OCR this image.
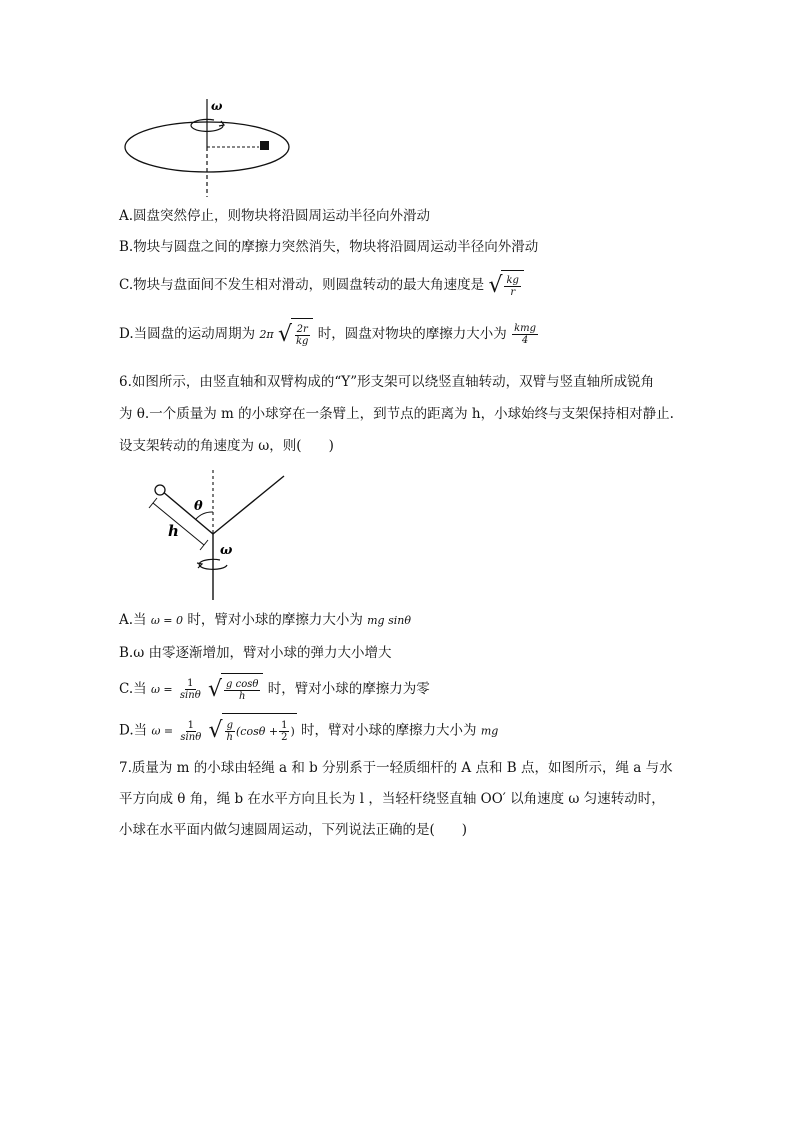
ω
A.圆盘突然停止，则物块将沿圆周运动半径向外滑动
B.物块与圆盘之间的摩擦力突然消失，物块将沿圆周运动半径向外滑动
C.物块与盘面间不发生相对滑动，则圆盘转动的最大角速度是 √ $\frac{kg}{r}$
D.当圆盘的运动周期为 2π √ $\frac{2r}{kg}$ 时，圆盘对物块的摩擦力大小为 $\frac{\text{kmg}}{4}$
6.如图所示，由竖直轴和双臂构成的“Y”形支架可以绕竖直轴转动，双臂与竖直轴所成锐角
为 θ.一个质量为 m 的小球穿在一条臂上，到节点的距离为 h，小球始终与支架保持相对静止.
设支架转动的角速度为 ω，则(　　)
θ
h
ω
A.当 ω = 0 时，臂对小球的摩擦力大小为 mg sinθ
B.ω 由零逐渐增加，臂对小球的弹力大小增大
C.当 $\omega = \frac{1}{\sin\theta}$
√ $\frac{\text{g cosθ}}{h}$ 时，臂对小球的摩擦力为零
D.当 $\omega = \frac{1}{\sin\theta}$
√ $\frac{g}{h} (\cos\theta + \frac{1}{2}$ ) 时，臂对小球的摩擦力大小为 mg
7.质量为 m 的小球由轻绳 a 和 b 分别系于一轻质细杆的 A 点和 B 点，如图所示，绳 a 与水
平方向成 θ 角，绳 b 在水平方向且长为 l ，当轻杆绕竖直轴 OO′ 以角速度 ω 匀速转动时，
小球在水平面内做匀速圆周运动，下列说法正确的是(　　)
